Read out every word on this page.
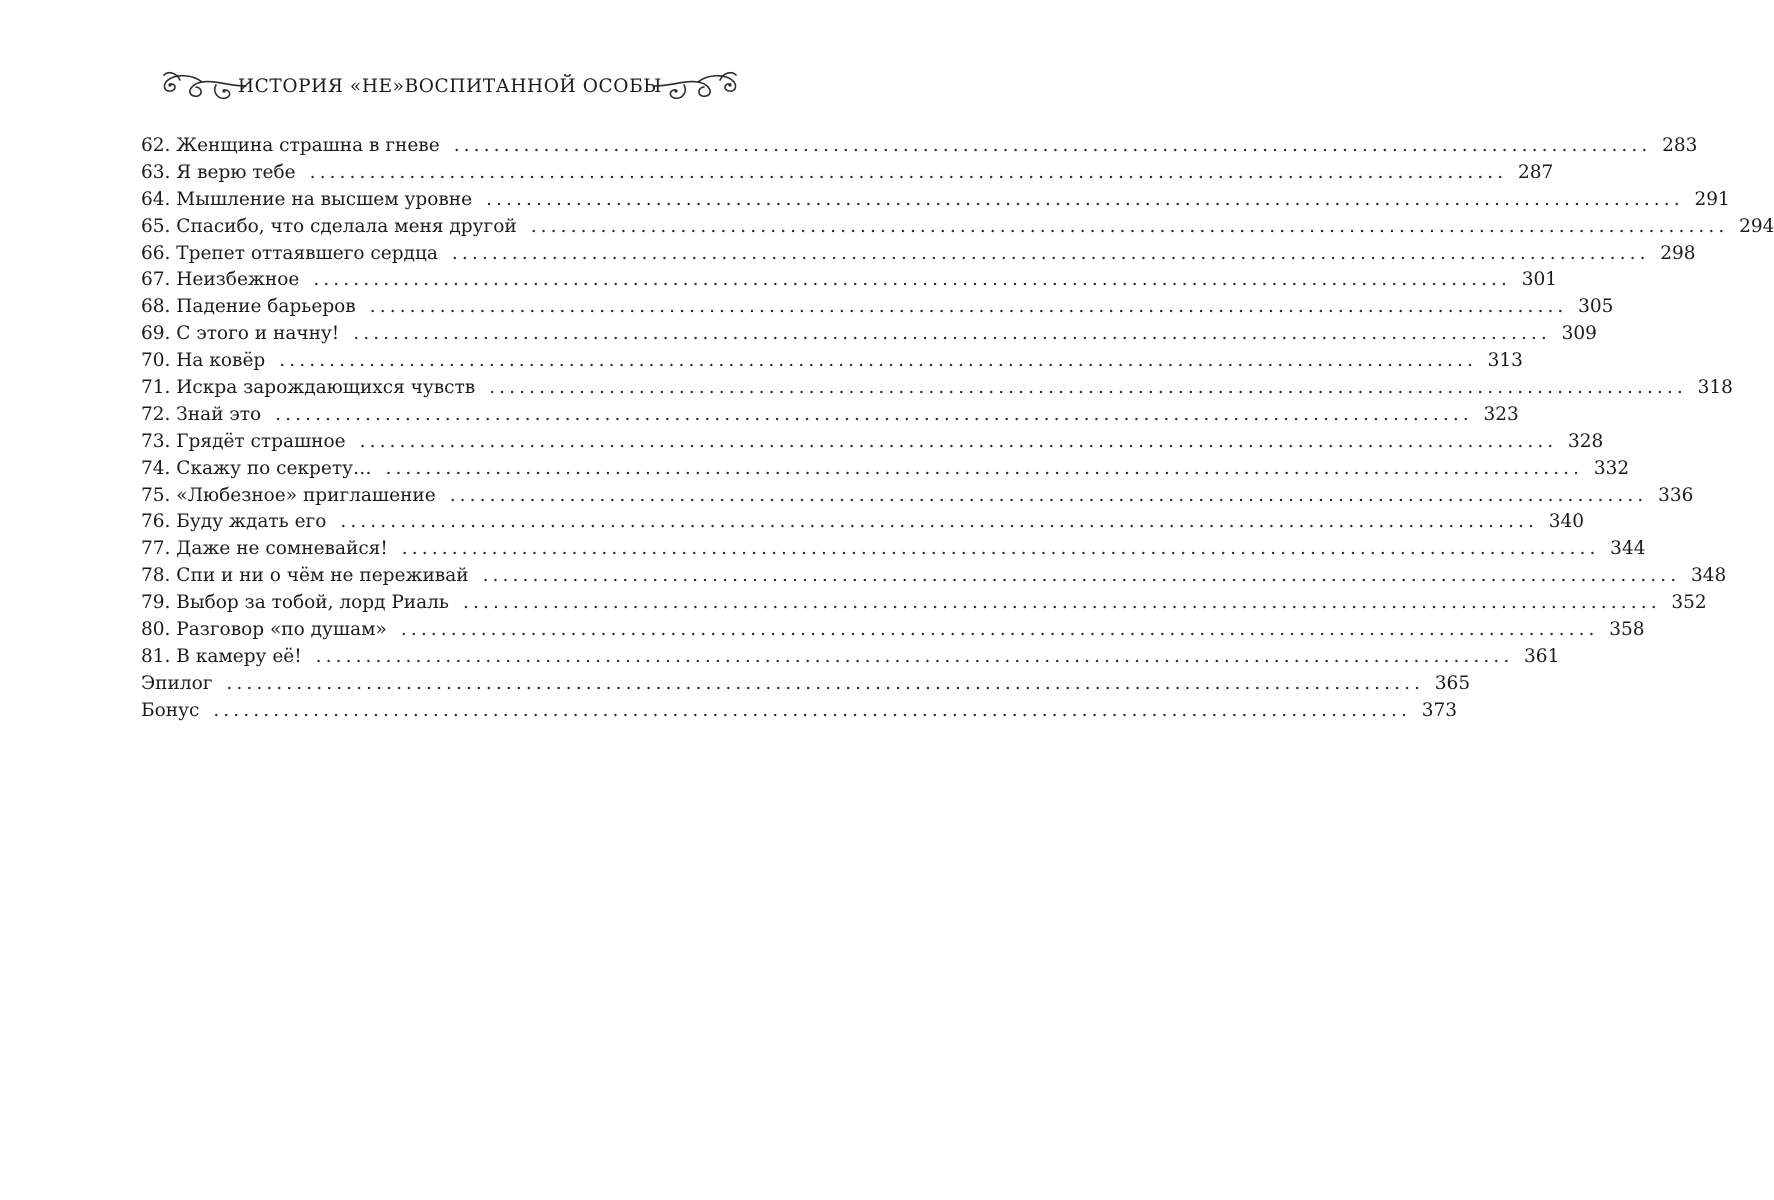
ИСТОРИЯ «НЕ»ВОСПИТАННОЙ ОСОБЫ
62. Женщина страшна в гневе ........................................................................................................................ 283
63. Я верю тебе ........................................................................................................................ 287
64. Мышление на высшем уровне ........................................................................................................................ 291
65. Спасибо, что сделала меня другой ........................................................................................................................ 294
66. Трепет оттаявшего сердца ........................................................................................................................ 298
67. Неизбежное ........................................................................................................................ 301
68. Падение барьеров ........................................................................................................................ 305
69. С этого и начну! ........................................................................................................................ 309
70. На ковёр ........................................................................................................................ 313
71. Искра зарождающихся чувств ........................................................................................................................ 318
72. Знай это ........................................................................................................................ 323
73. Грядёт страшное ........................................................................................................................ 328
74. Скажу по секрету… ........................................................................................................................ 332
75. «Любезное» приглашение ........................................................................................................................ 336
76. Буду ждать его ........................................................................................................................ 340
77. Даже не сомневайся! ........................................................................................................................ 344
78. Спи и ни о чём не переживай ........................................................................................................................ 348
79. Выбор за тобой, лорд Риаль ........................................................................................................................ 352
80. Разговор «по душам» ........................................................................................................................ 358
81. В камеру её! ........................................................................................................................ 361
Эпилог ........................................................................................................................ 365
Бонус ........................................................................................................................ 373
